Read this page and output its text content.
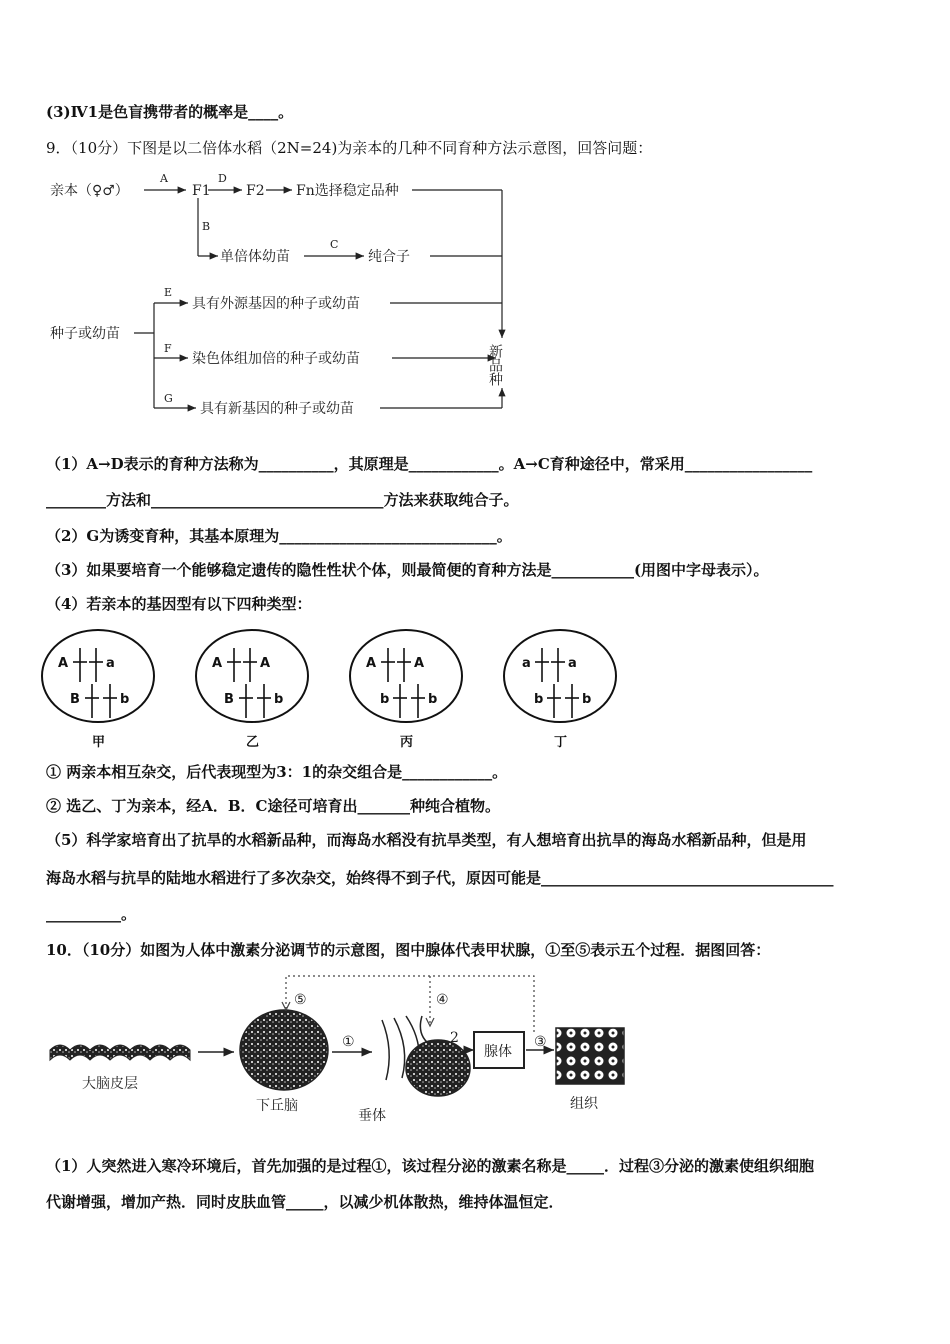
(3)Ⅳ1是色盲携带者的概率是____。
9．（10分）下图是以二倍体水稻（2N=24)为亲本的几种不同育种方法示意图，回答问题：
亲本（♀♂）
A
F1
D
F2 Fn选择稳定品种
B
单倍体幼苗
C
纯合子
种子或幼苗
E
具有外源基因的种子或幼苗
F
染色体组加倍的种子或幼苗
G
具有新基因的种子或幼苗
新品种
（1）A→D表示的育种方法称为__________，其原理是____________。A→C育种途径中，常采用_________________
________方法和_______________________________方法来获取纯合子。
（2）G为诱变育种，其基本原理为_____________________________。
（3）如果要培育一个能够稳定遗传的隐性性状个体，则最简便的育种方法是___________(用图中字母表示）。
（4）若亲本的基因型有以下四种类型：
A	a
B	b
甲
A	A
B	b
乙
A	A
b	b
丙
a	a
b	b
丁
① 两亲本相互杂交，后代表现型为3：1的杂交组合是____________。
② 选乙、丁为亲本，经A．B．C途径可培育出_______种纯合植物。
（5）科学家培育出了抗旱的水稻新品种，而海岛水稻没有抗旱类型，有人想培育出抗旱的海岛水稻新品种，但是用
海岛水稻与抗旱的陆地水稻进行了多次杂交，始终得不到子代，原因可能是_______________________________________
__________。
10．（10分）如图为人体中激素分泌调节的示意图，图中腺体代表甲状腺，①至⑤表示五个过程．据图回答：
大脑皮层
下丘脑
垂体
腺体
组织
①	2	③
④
⑤
（1）人突然进入寒冷环境后，首先加强的是过程①，该过程分泌的激素名称是_____．过程③分泌的激素使组织细胞
代谢增强，增加产热．同时皮肤血管_____，以减少机体散热，维持体温恒定．
